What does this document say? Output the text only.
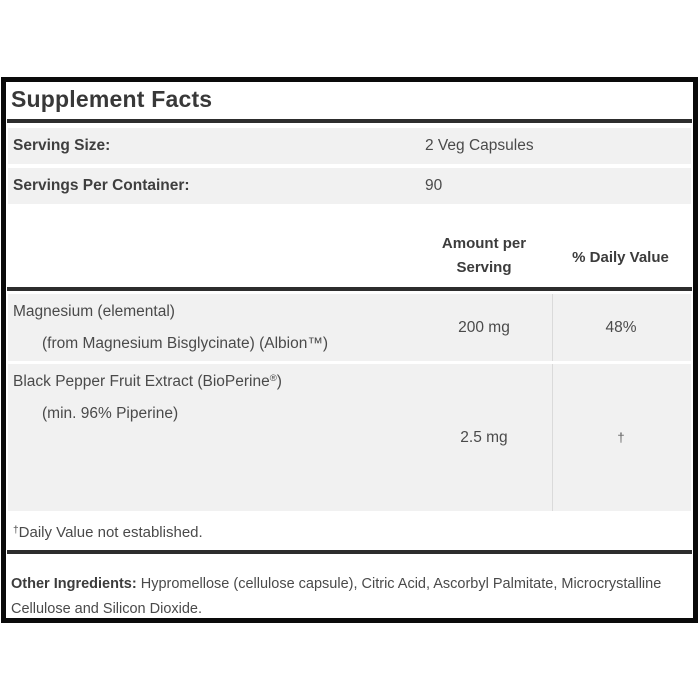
Supplement Facts
Serving Size:	2 Veg Capsules
Servings Per Container:	90
Amount per
Serving
% Daily Value
Magnesium (elemental)
(from Magnesium Bisglycinate) (Albion™)
200 mg	48%
Black Pepper Fruit Extract (BioPerine®)
(min. 96% Piperine)
2.5 mg	†
†Daily Value not established.
Other Ingredients: Hypromellose (cellulose capsule), Citric Acid, Ascorbyl Palmitate, Microcrystalline Cellulose and Silicon Dioxide.
